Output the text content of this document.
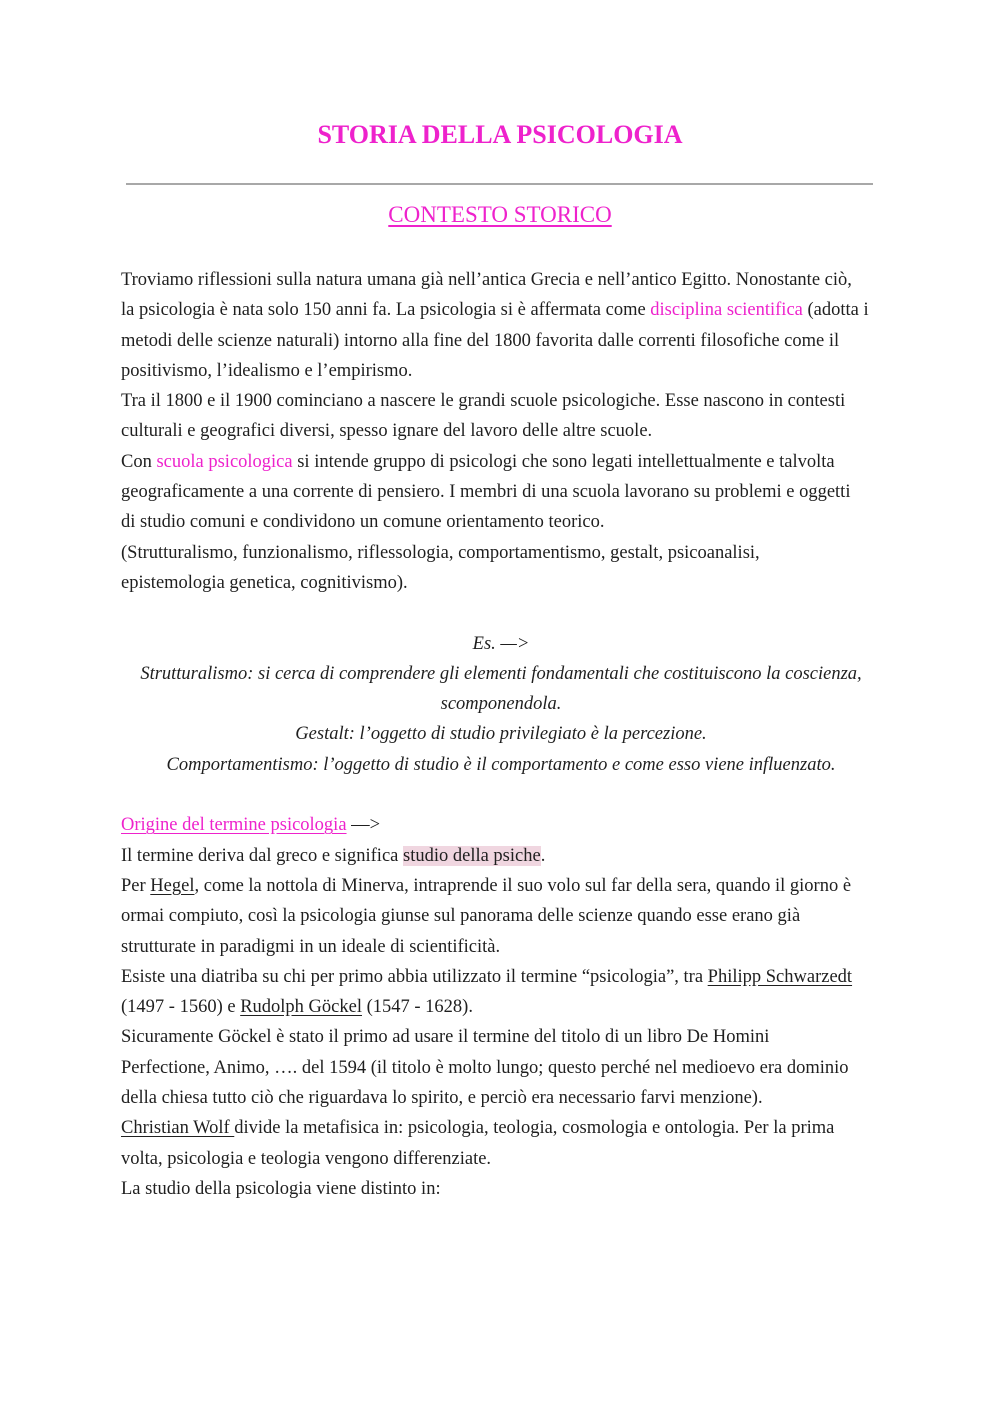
STORIA DELLA PSICOLOGIA
CONTESTO STORICO

Troviamo riflessioni sulla natura umana già nell’antica Grecia e nell’antico Egitto. Nonostante ciò,
la psicologia è nata solo 150 anni fa. La psicologia si è affermata come disciplina scientifica (adotta i
metodi delle scienze naturali) intorno alla fine del 1800 favorita dalle correnti filosofiche come il
positivismo, l’idealismo e l’empirismo.
Tra il 1800 e il 1900 cominciano a nascere le grandi scuole psicologiche. Esse nascono in contesti
culturali e geografici diversi, spesso ignare del lavoro delle altre scuole.
Con scuola psicologica si intende gruppo di psicologi che sono legati intellettualmente e talvolta
geograficamente a una corrente di pensiero. I membri di una scuola lavorano su problemi e oggetti
di studio comuni e condividono un comune orientamento teorico.
(Strutturalismo, funzionalismo, riflessologia, comportamentismo, gestalt, psicoanalisi,
epistemologia genetica, cognitivismo).

Es. —>
Strutturalismo: si cerca di comprendere gli elementi fondamentali che costituiscono la coscienza,
scomponendola.
Gestalt: l’oggetto di studio privilegiato è la percezione.
Comportamentismo: l’oggetto di studio è il comportamento e come esso viene influenzato.

Origine del termine psicologia —>
Il termine deriva dal greco e significa studio della psiche.
Per Hegel, come la nottola di Minerva, intraprende il suo volo sul far della sera, quando il giorno è
ormai compiuto, così la psicologia giunse sul panorama delle scienze quando esse erano già
strutturate in paradigmi in un ideale di scientificità.
Esiste una diatriba su chi per primo abbia utilizzato il termine “psicologia”, tra Philipp Schwarzedt
(1497 - 1560) e Rudolph Göckel (1547 - 1628).
Sicuramente Göckel è stato il primo ad usare il termine del titolo di un libro De Homini
Perfectione, Animo, …. del 1594 (il titolo è molto lungo; questo perché nel medioevo era dominio
della chiesa tutto ciò che riguardava lo spirito, e perciò era necessario farvi menzione).
Christian Wolf divide la metafisica in: psicologia, teologia, cosmologia e ontologia. Per la prima
volta, psicologia e teologia vengono differenziate.
La studio della psicologia viene distinto in:
